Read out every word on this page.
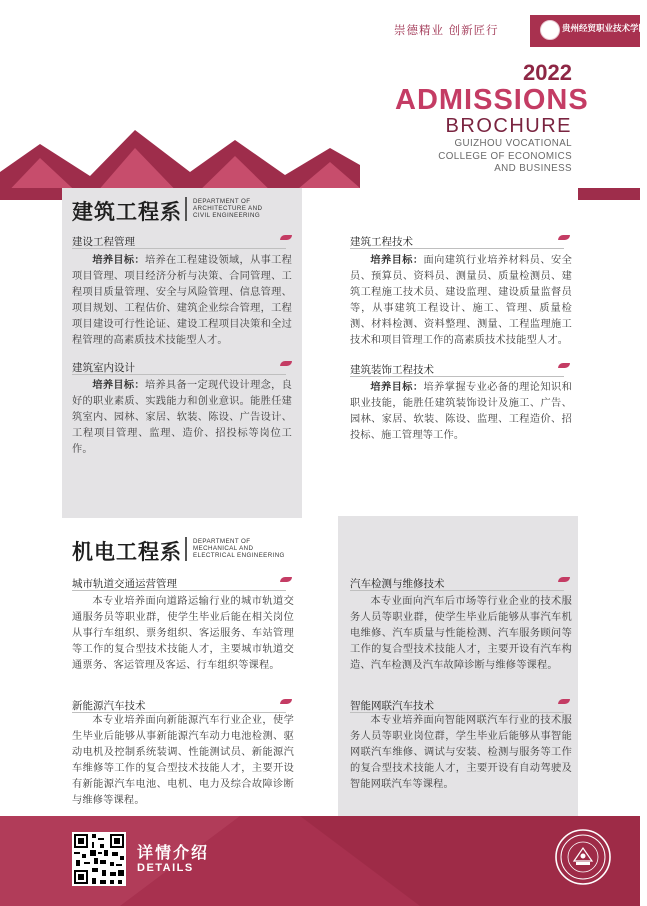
崇德精业 创新匠行	贵州经贸职业技术学院
2022
ADMISSIONS
BROCHURE
GUIZHOU VOCATIONAL
COLLEGE OF ECONOMICS
AND BUSINESS
建筑工程系 DEPARTMENT OF
ARCHITECTURE AND
CIVIL ENGINEERING
建设工程管理
培养目标：培养在工程建设领域，从事工程项目管理、项目经济分析与决策、合同管理、工程项目质量管理、安全与风险管理、信息管理、项目规划、工程估价、建筑企业综合管理，工程项目建设可行性论证、建设工程项目决策和全过程管理的高素质技术技能型人才。
建筑工程技术
培养目标：面向建筑行业培养材料员、安全员、预算员、资料员、测量员、质量检测员、建筑工程施工技术员、建设监理、建设质量监督员等，从事建筑工程设计、施工、管理、质量检测、材料检测、资料整理、测量、工程监理施工技术和项目管理工作的高素质技术技能型人才。
建筑室内设计
培养目标：培养具备一定现代设计理念，良好的职业素质、实践能力和创业意识。能胜任建筑室内、园林、家居、软装、陈设、广告设计、工程项目管理、监理、造价、招投标等岗位工作。
建筑装饰工程技术
培养目标：培养掌握专业必备的理论知识和职业技能，能胜任建筑装饰设计及施工、广告、园林、家居、软装、陈设、监理、工程造价、招投标、施工管理等工作。
机电工程系 DEPARTMENT OF
MECHANICAL AND
ELECTRICAL ENGINEERING
城市轨道交通运营管理
本专业培养面向道路运输行业的城市轨道交通服务员等职业群，使学生毕业后能在相关岗位从事行车组织、票务组织、客运服务、车站管理等工作的复合型技术技能人才，主要城市轨道交通票务、客运管理及客运、行车组织等课程。
汽车检测与维修技术
本专业面向汽车后市场等行业企业的技术服务人员等职业群，使学生毕业后能够从事汽车机电维修、汽车质量与性能检测、汽车服务顾问等工作的复合型技术技能人才，主要开设有汽车构造、汽车检测及汽车故障诊断与维修等课程。
新能源汽车技术
本专业培养面向新能源汽车行业企业，使学生毕业后能够从事新能源汽车动力电池检测、驱动电机及控制系统装调、性能测试员、新能源汽车维修等工作的复合型技术技能人才，主要开设有新能源汽车电池、电机、电力及综合故障诊断与维修等课程。
智能网联汽车技术
本专业培养面向智能网联汽车行业的技术服务人员等职业岗位群，学生毕业后能够从事智能网联汽车维修、调试与安装、检测与服务等工作的复合型技术技能人才，主要开设有自动驾驶及智能网联汽车等课程。
详情介绍
DETAILS
